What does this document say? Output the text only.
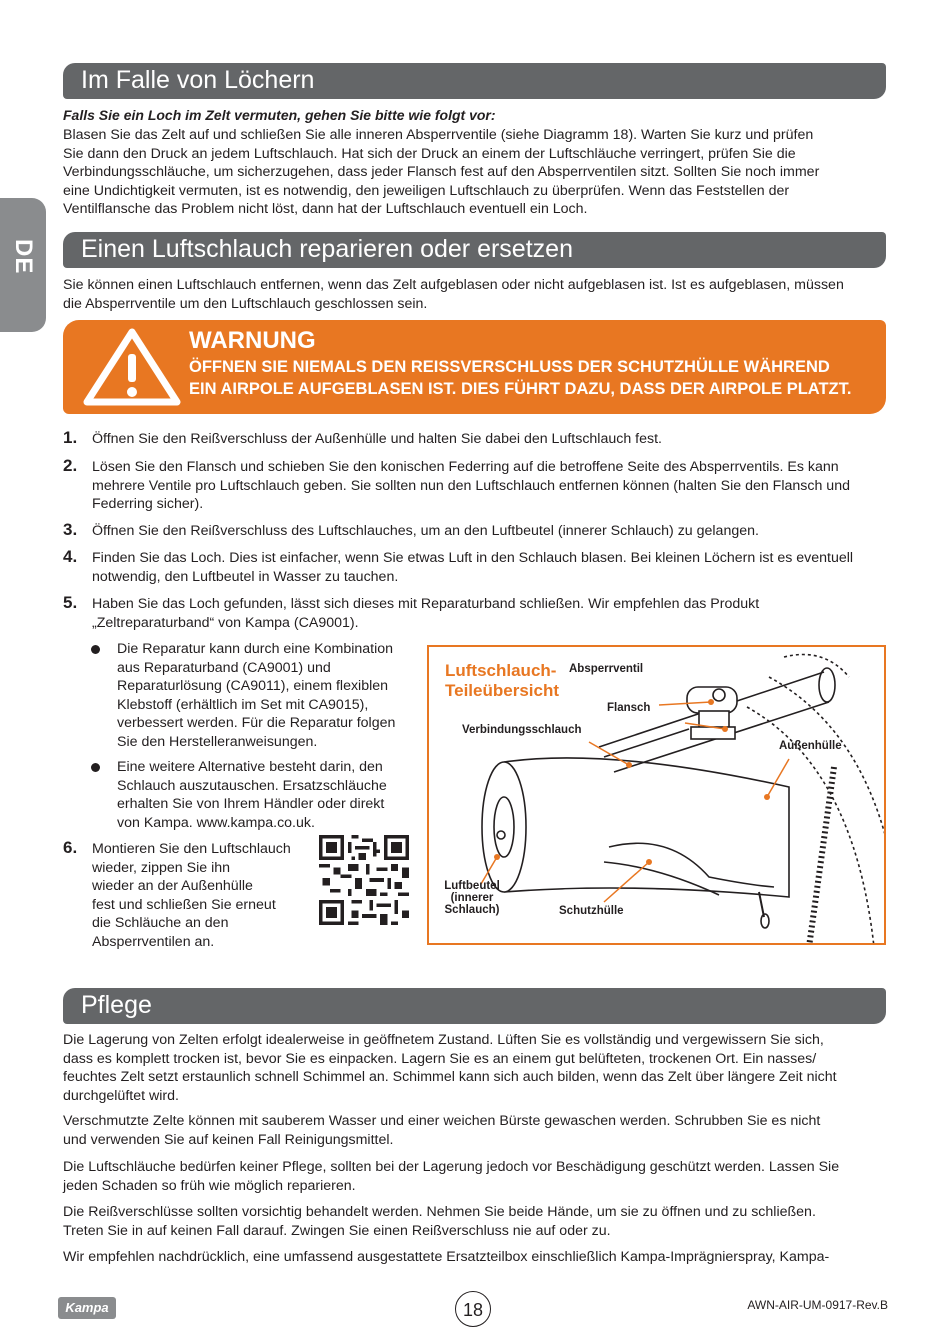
DE
Im Falle von Löchern
Falls Sie ein Loch im Zelt vermuten, gehen Sie bitte wie folgt vor:
Blasen Sie das Zelt auf und schließen Sie alle inneren Absperrventile (siehe Diagramm 18). Warten Sie kurz und prüfen
Sie dann den Druck an jedem Luftschlauch. Hat sich der Druck an einem der Luftschläuche verringert, prüfen Sie die
Verbindungsschläuche, um sicherzugehen, dass jeder Flansch fest auf den Absperrventilen sitzt. Sollten Sie noch immer
eine Undichtigkeit vermuten, ist es notwendig, den jeweiligen Luftschlauch zu überprüfen. Wenn das Feststellen der
Ventilflansche das Problem nicht löst, dann hat der Luftschlauch eventuell ein Loch.
Einen Luftschlauch reparieren oder ersetzen
Sie können einen Luftschlauch entfernen, wenn das Zelt aufgeblasen oder nicht aufgeblasen ist. Ist es aufgeblasen, müssen
die Absperrventile um den Luftschlauch geschlossen sein.
WARNUNG
ÖFFNEN SIE NIEMALS DEN REISSVERSCHLUSS DER SCHUTZHÜLLE WÄHREND
EIN AIRPOLE AUFGEBLASEN IST. DIES FÜHRT DAZU, DASS DER AIRPOLE PLATZT.
1. Öffnen Sie den Reißverschluss der Außenhülle und halten Sie dabei den Luftschlauch fest.
2. Lösen Sie den Flansch und schieben Sie den konischen Federring auf die betroffene Seite des Absperrventils. Es kann
mehrere Ventile pro Luftschlauch geben. Sie sollten nun den Luftschlauch entfernen können (halten Sie den Flansch und
Federring sicher).
3. Öffnen Sie den Reißverschluss des Luftschlauches, um an den Luftbeutel (innerer Schlauch) zu gelangen.
4. Finden Sie das Loch. Dies ist einfacher, wenn Sie etwas Luft in den Schlauch blasen. Bei kleinen Löchern ist es eventuell
notwendig, den Luftbeutel in Wasser zu tauchen.
5. Haben Sie das Loch gefunden, lässt sich dieses mit Reparaturband schließen. Wir empfehlen das Produkt
„Zeltreparaturband“ von Kampa (CA9001).
Die Reparatur kann durch eine Kombination
aus Reparaturband (CA9001) und
Reparaturlösung (CA9011), einem flexiblen
Klebstoff (erhältlich im Set mit CA9015),
verbessert werden. Für die Reparatur folgen
Sie den Herstelleranweisungen.
Eine weitere Alternative besteht darin, den
Schlauch auszutauschen. Ersatzschläuche
erhalten Sie von Ihrem Händler oder direkt
von Kampa. www.kampa.co.uk.
6. Montieren Sie den Luftschlauch
wieder, zippen Sie ihn
wieder an der Außenhülle
fest und schließen Sie erneut
die Schläuche an den
Absperrventilen an.
Luftschlauch-
Teileübersicht
Absperrventil
Flansch
Verbindungsschlauch
Außenhülle
Luftbeutel
(innerer
Schlauch)	Schutzhülle
Pflege
Die Lagerung von Zelten erfolgt idealerweise in geöffnetem Zustand. Lüften Sie es vollständig und vergewissern Sie sich,
dass es komplett trocken ist, bevor Sie es einpacken. Lagern Sie es an einem gut belüfteten, trockenen Ort. Ein nasses/
feuchtes Zelt setzt erstaunlich schnell Schimmel an. Schimmel kann sich auch bilden, wenn das Zelt über längere Zeit nicht
durchgelüftet wird.
Verschmutzte Zelte können mit sauberem Wasser und einer weichen Bürste gewaschen werden. Schrubben Sie es nicht
und verwenden Sie auf keinen Fall Reinigungsmittel.
Die Luftschläuche bedürfen keiner Pflege, sollten bei der Lagerung jedoch vor Beschädigung geschützt werden. Lassen Sie
jeden Schaden so früh wie möglich reparieren.
Die Reißverschlüsse sollten vorsichtig behandelt werden. Nehmen Sie beide Hände, um sie zu öffnen und zu schließen.
Treten Sie in auf keinen Fall darauf. Zwingen Sie einen Reißverschluss nie auf oder zu.
Wir empfehlen nachdrücklich, eine umfassend ausgestattete Ersatzteilbox einschließlich Kampa-Imprägnierspray, Kampa-
Kampa	18	AWN-AIR-UM-0917-Rev.B
